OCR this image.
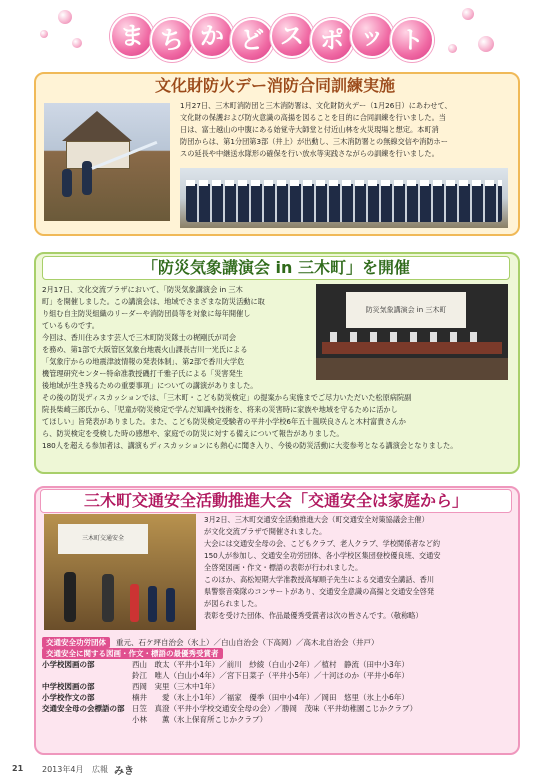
ま ち か ど ス ポ ッ ト
文化財防火デー消防合同訓練実施
1月27日、三木町消防団と三木消防署は、文化財防火デー（1月26日）にあわせて、
文化財の保護および防火意識の高揚を図ることを目的に合同訓練を行いました。当
日は、富士越山の中腹にある始覚寺大師堂と付近山林を火災現場と想定。本町消
防団からは、第1分団第3部（井上）が出動し、三木消防署との無線交信や消防ホー
スの延長や中継送水隊形の確保を行い放水等実践さながらの訓練を行いました。
「防災気象講演会 in 三木町」を開催
2月17日、文化交流プラザにおいて、「防災気象講演会 in 三木
町」を開催しました。この講演会は、地域でさまざまな防災活動に取
り組む自主防災組織のリーダーや消防団員等を対象に毎年開催し
ているものです。
今回は、香川住みます芸人で三木町防災隊士の梶剛氏が司会
を務め、第1部で大阪管区気象台地震火山課長吉川一光氏による
「気象庁からの地震津波情報の発表体制」、第2部で香川大学危
機管理研究センター特命准教授磯打千雅子氏による「災害発生
後地域が生き残るための重要事項」についての講演がありました。
防災気象講演会 in 三木町
その後の防災ディスカッションでは、「三木町・こども防災検定」の提案から実施までご尽力いただいた松原病院副
院長柴崎三郎氏から、「児童が防災検定で学んだ知識や技術を、将来の災害時に家族や地域を守るために活かし
てほしい」旨発表がありました。また、こども防災検定受験者の平井小学校6年五十嵐咲良さんと木村富貴さんか
ら、防災検定を受検した時の感想や、家庭での防災に対する備えについて報告がありました。
180人を超える参加者は、講演もディスカッションにも熱心に聞き入り、今後の防災活動に大変参考となる講演会となりました。
三木町交通安全活動推進大会「交通安全は家庭から」
三木町交通安全
3月2日、三木町交通安全活動推進大会（町交通安全対策協議会主催）
が文化交流プラザで開催されました。
大会には交通安全母の会、こどもクラブ、老人クラブ、学校関係者など約
150人が参加し、交通安全功労団体、各小学校区集団登校優良班、交通安
全啓発図画・作文・標語の表彰が行われました。
このほか、高松短期大学准教授高塚順子先生による交通安全講話、香川
県警察音楽隊のコンサートがあり、交通安全意識の高揚と交通安全啓発
が図られました。
表彰を受けた団体、作品最優秀受賞者は次の皆さんです。（敬称略）
交通安全功労団体	重元、石ケ坪自治会（氷上）／白山自治会（下高岡）／高木北自治会（井戸）
交通安全に関する図画・作文・標語の最優秀受賞者
小学校図画の部	西山　敢太（平井小1年）／前川　紗綾（白山小2年）／植村　静流（田中小3年）
鈴江　唯人（白山小4年）／宮下日菜子（平井小5年）／十河ほのか（平井小6年）
中学校図画の部	西岡　実里（三木中1年）
小学校作文の部	楠井　　愛（氷上小1年）／福家　優季（田中小4年）／岡田　悠里（氷上小6年）
交通安全母の会標語の部	日笠　真澄（平井小学校交通安全母の会）／勝岡　茂味（平井幼稚園こじかクラブ）
小林　　薫（氷上保育所こじかクラブ）
21 2013年4月 広報 みき
